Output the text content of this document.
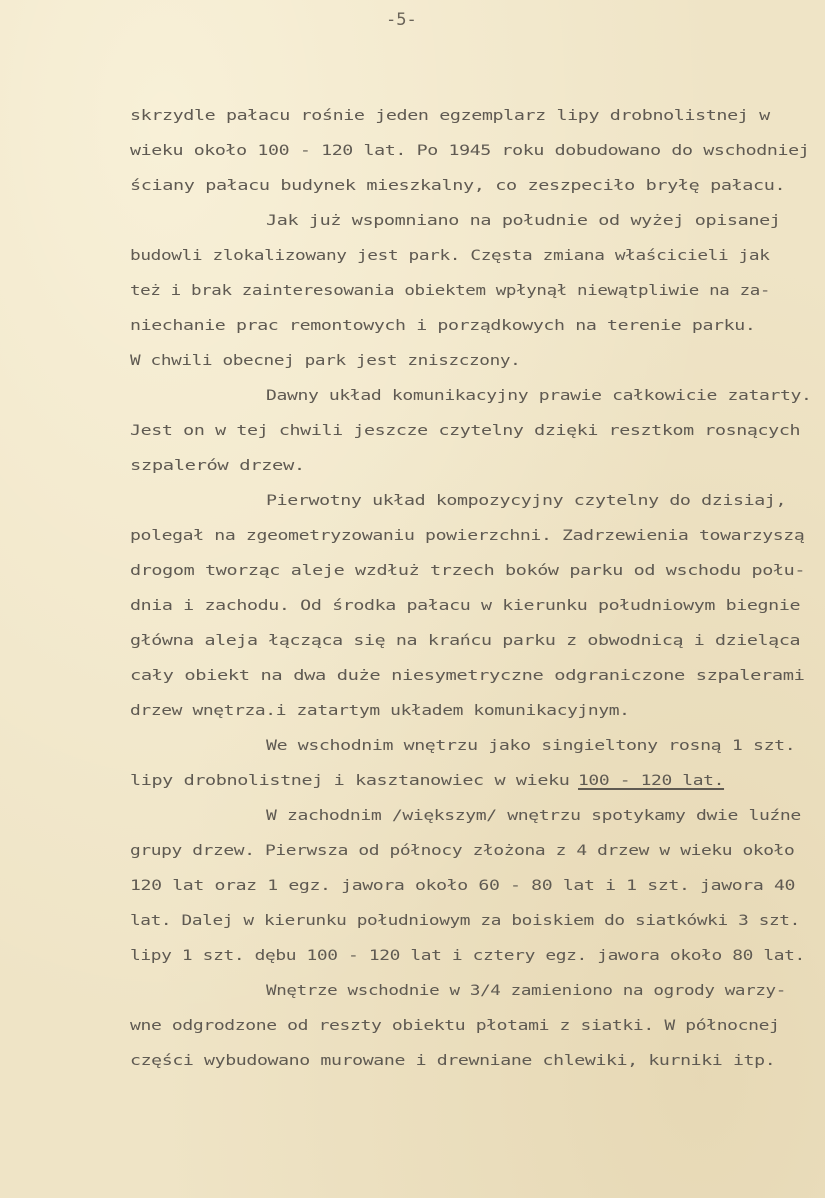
-5-
skrzydle pałacu rośnie jeden egzemplarz lipy drobnolistnej w
wieku około 100 - 120 lat. Po 1945 roku dobudowano do wschodniej
ściany pałacu budynek mieszkalny, co zeszpeciło bryłę pałacu.
Jak już wspomniano na południe od wyżej opisanej
budowli zlokalizowany jest park. Częsta zmiana właścicieli jak
też i brak zainteresowania obiektem wpłynął niewątpliwie na za-
niechanie prac remontowych i porządkowych na terenie parku.
W chwili obecnej park jest zniszczony.
Dawny układ komunikacyjny prawie całkowicie zatarty.
Jest on w tej chwili jeszcze czytelny dzięki resztkom rosnących
szpalerów drzew.
Pierwotny układ kompozycyjny czytelny do dzisiaj,
polegał na zgeometryzowaniu powierzchni. Zadrzewienia towarzyszą
drogom tworząc aleje wzdłuż trzech boków parku od wschodu połu-
dnia i zachodu. Od środka pałacu w kierunku południowym biegnie
główna aleja łącząca się na krańcu parku z obwodnicą i dzieląca
cały obiekt na dwa duże niesymetryczne odgraniczone szpalerami
drzew wnętrza.i zatartym układem komunikacyjnym.
We wschodnim wnętrzu jako singieltony rosną 1 szt.
lipy drobnolistnej i kasztanowiec w wieku 100 - 120 lat.
W zachodnim /większym/ wnętrzu spotykamy dwie luźne
grupy drzew. Pierwsza od północy złożona z 4 drzew w wieku około
120 lat oraz 1 egz. jawora około 60 - 80 lat i 1 szt. jawora 40
lat. Dalej w kierunku południowym za boiskiem do siatkówki 3 szt.
lipy 1 szt. dębu 100 - 120 lat i cztery egz. jawora około 80 lat.
Wnętrze wschodnie w 3/4 zamieniono na ogrody warzy-
wne odgrodzone od reszty obiektu płotami z siatki. W północnej
części wybudowano murowane i drewniane chlewiki, kurniki itp.
